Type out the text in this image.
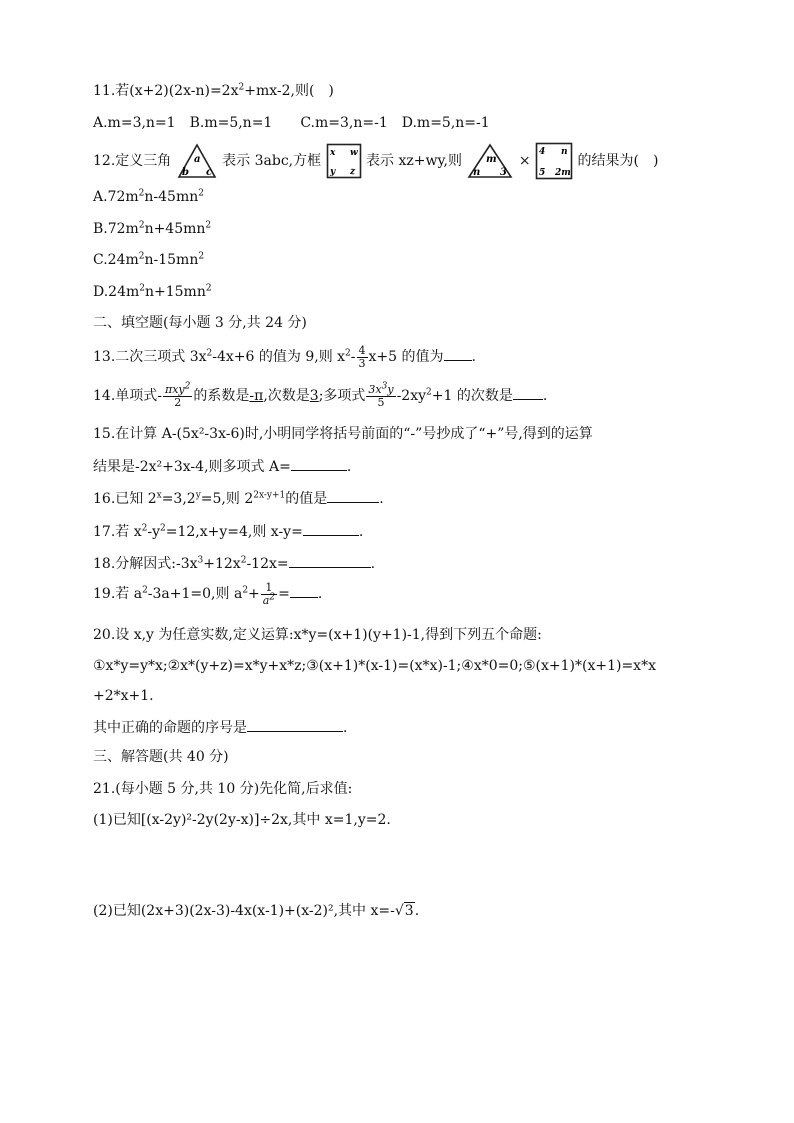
11.若$(x+2)(2x-n)=2x^2+mx-2$,则(　)
A.m=3,n=1 B.m=5,n=1  C.m=3,n=-1 D.m=5,n=-1
12.定义三角 a
b c
表示 3abc,方框 x w
y z
表示 xz+wy,则 m
n 3
×
4 n
5 2m
的结果为(　)
$A.72m^2n-45mn^2$
$B.72m^2n+45mn^2$
$C.24m^2n-15mn^2$
$D.24m^2n+15mn^2$
二、填空题(每小题 3 分,共 24 分)
13.二次三项式 $3x^2-4x+6$ 的值为 9,则 $x^2- \frac{4}{3} x+5$ 的值为 .
14.单项式- $\frac{\pi xy^2}{2}$ 的系数是-π,次数是3;多项式 $\frac{3x^3y}{5} -2xy^2+1$ 的次数是 .
15.在计算 A-(5x²-3x-6)时,小明同学将括号前面的“-”号抄成了“+”号,得到的运算
结果是-2x²+3x-4,则多项式 A=	.
16.已知 $2^x=3,2^y=5$,则 $2^{2x-y+1}$的值是	.
17.若 $x^2-y^2=12,x+y=4$,则 x-y=	.
18.分解因式$:-3x^3+12x^2-12x=$	.
19.若 $a^2-3a+1=0$,则 $a^2+ \frac{1}{a^2}$ = .
20.设 x,y 为任意实数,定义运算:x*y=(x+1)(y+1)-1,得到下列五个命题:
①x*y=y*x;②x*(y+z)=x*y+x*z;③(x+1)*(x-1)=(x*x)-1;④x*0=0;⑤(x+1)*(x+1)=x*x
+2*x+1.
其中正确的命题的序号是	.
三、解答题(共 40 分)
21.(每小题 5 分,共 10 分)先化简,后求值:
(1)已知[(x-2y)²-2y(2y-x)]÷2x,其中 x=1,y=2.
(2)已知(2x+3)(2x-3)-4x(x-1)+(x-2)²,其中 x=-√3.
